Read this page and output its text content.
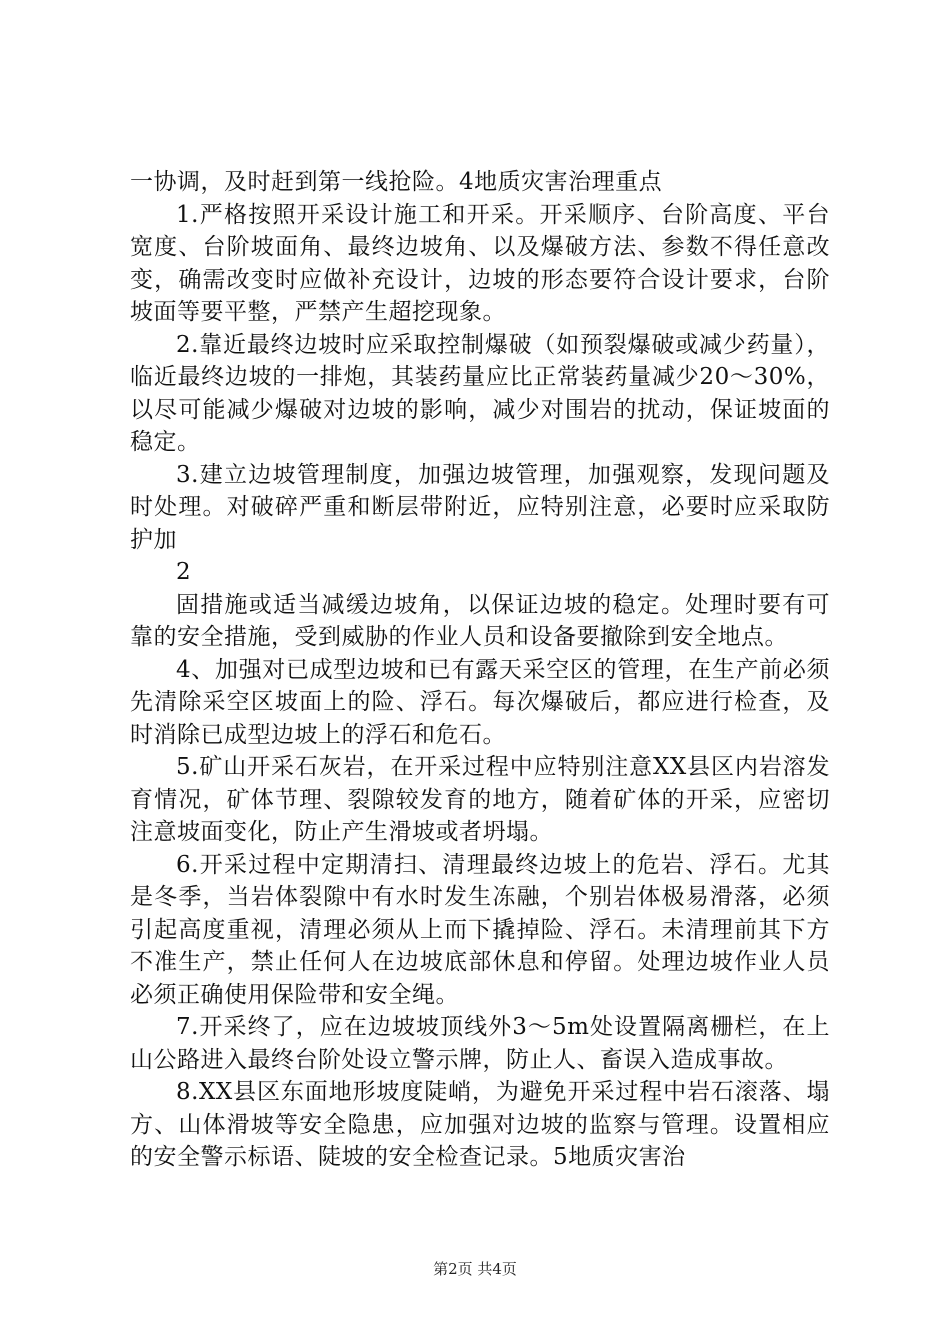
一协调，及时赶到第一线抢险。4地质灾害治理重点

1.严格按照开采设计施工和开采。开采顺序、台阶高度、平台宽度、台阶坡面角、最终边坡角、以及爆破方法、参数不得任意改变，确需改变时应做补充设计，边坡的形态要符合设计要求，台阶坡面等要平整，严禁产生超挖现象。

2.靠近最终边坡时应采取控制爆破（如预裂爆破或减少药量），临近最终边坡的一排炮，其装药量应比正常装药量减少20～30%，以尽可能减少爆破对边坡的影响，减少对围岩的扰动，保证坡面的稳定。

3.建立边坡管理制度，加强边坡管理，加强观察，发现问题及时处理。对破碎严重和断层带附近，应特别注意，必要时应采取防护加

2

固措施或适当减缓边坡角，以保证边坡的稳定。处理时要有可靠的安全措施，受到威胁的作业人员和设备要撤除到安全地点。

4、加强对已成型边坡和已有露天采空区的管理，在生产前必须先清除采空区坡面上的险、浮石。每次爆破后，都应进行检查，及时消除已成型边坡上的浮石和危石。

5.矿山开采石灰岩，在开采过程中应特别注意XX县区内岩溶发育情况，矿体节理、裂隙较发育的地方，随着矿体的开采，应密切注意坡面变化，防止产生滑坡或者坍塌。

6.开采过程中定期清扫、清理最终边坡上的危岩、浮石。尤其是冬季，当岩体裂隙中有水时发生冻融，个别岩体极易滑落，必须引起高度重视，清理必须从上而下撬掉险、浮石。未清理前其下方不准生产，禁止任何人在边坡底部休息和停留。处理边坡作业人员必须正确使用保险带和安全绳。

7.开采终了，应在边坡坡顶线外3～5m处设置隔离栅栏，在上山公路进入最终台阶处设立警示牌，防止人、畜误入造成事故。

8.XX县区东面地形坡度陡峭，为避免开采过程中岩石滚落、塌方、山体滑坡等安全隐患，应加强对边坡的监察与管理。设置相应的安全警示标语、陡坡的安全检查记录。5地质灾害治

第2页 共4页
